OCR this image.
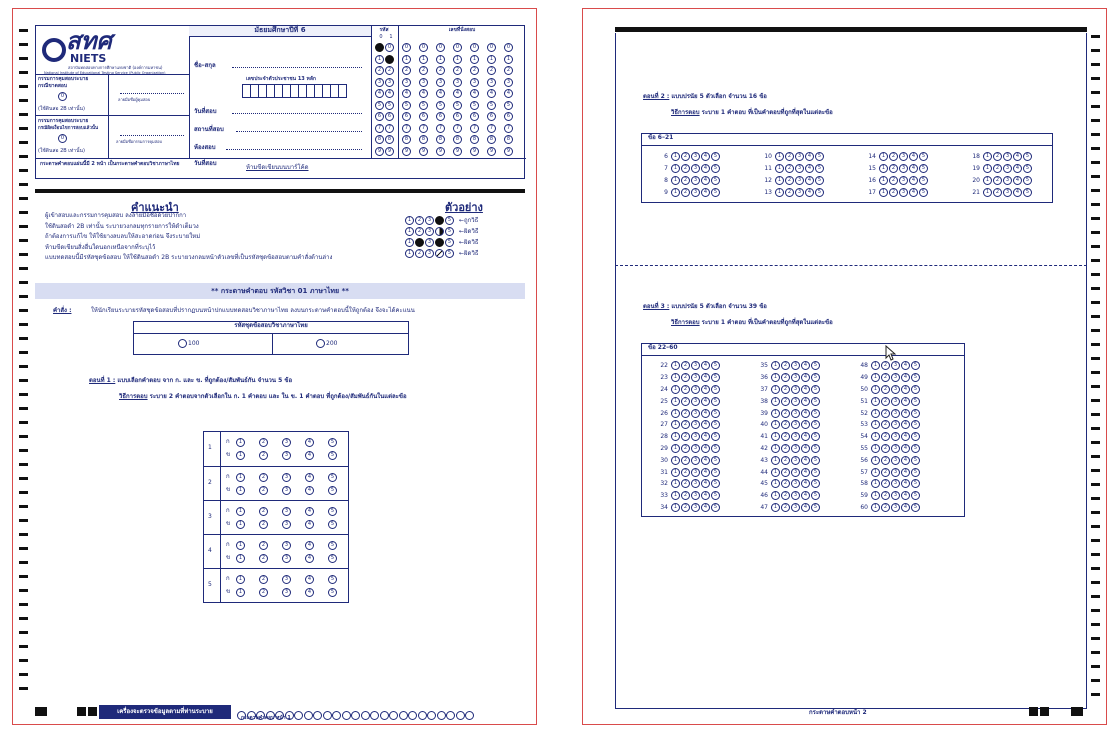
สทศ
NIETS
สถาบันทดสอบทางการศึกษาแห่งชาติ (องค์การมหาชน)
National Institute of Educational Testing Service (Public Organization)
กรรมการคุมสอบระบาย
กรณีขาดสอบ
0
(ใช้ดินสอ 2B เท่านั้น)
ลายมือชื่อผู้คุมสอบ
กรรมการคุมสอบระบาย
กรณีผิดเงื่อนไขการสอบแล้วนั้น
0
(ใช้ดินสอ 2B เท่านั้น)
ลายมือชื่อกรรมการคุมสอบ
กระดาษคำตอบแผ่นนี้มี 2 หน้า เป็นกระดาษคำตอบวิชาภาษาไทย	ห้ามขีดเขียนบนบาร์โค้ด
มัธยมศึกษาปีที่ 6
ชื่อ–สกุล
เลขประจำตัวประชาชน 13 หลัก
วันที่สอบ
สถานที่สอบ
ห้องสอบ
วันที่สอบ
รหัส
0 1
0	0
1	1
2	2
3	3
4	4
5	5
6	6
7	7
8	8
9	9
เลขที่นั่งสอบ
0	0	0	0	0	0	0
1	1	1	1	1	1	1
2	2	2	2	2	2	2
3	3	3	3	3	3	3
4	4	4	4	4	4	4
5	5	5	5	5	5	5
6	6	6	6	6	6	6
7	7	7	7	7	7	7
8	8	8	8	8	8	8
9	9	9	9	9	9	9
คำแนะนำ
ผู้เข้าสอบและกรรมการคุมสอบ ลงลายมือชื่อด้วยปากกา
ใช้ดินสอดำ 2B เท่านั้น ระบายวงกลมทุกรายการให้ดำเต็มวง
ถ้าต้องการแก้ไข ให้ใช้ยางลบลบให้สะอาดก่อน จึงระบายใหม่
ห้ามขีดเขียนสิ่งอื่นใดนอกเหนือจากที่ระบุไว้
แบบทดสอบนี้มีรหัสชุดข้อสอบ ให้ใช้ดินสอดำ 2B ระบายวงกลมหน้าตัวเลขที่เป็นรหัสชุดข้อสอบตามคำสั่งด้านล่าง
ตัวอย่าง
1	2	3	5	← ถูกวิธี
1	2	3	5	← ผิดวิธี
1	3	5	← ผิดวิธี
1	2	3	5	← ผิดวิธี
** กระดาษคำตอบ รหัสวิชา 01 ภาษาไทย **
คำสั่ง :	ให้นักเรียนระบายรหัสชุดข้อสอบที่ปรากฏบนหน้าปกแบบทดสอบวิชาภาษาไทย ลงบนกระดาษคำตอบนี้ให้ถูกต้อง จึงจะได้คะแนน
รหัสชุดข้อสอบวิชาภาษาไทย
100	200
ตอนที่ 1 : แบบเลือกคำตอบ จาก ก. และ ข. ที่ถูกต้อง/สัมพันธ์กัน จำนวน 5 ข้อ
วิธีการตอบ ระบาย 2 คำตอบจากตัวเลือกใน ก. 1 คำตอบ และ ใน ข. 1 คำตอบ ที่ถูกต้อง/สัมพันธ์กันในแต่ละข้อ
1
ก	1	2	3	4	5
ข	1	2	3	4	5
2
ก	1	2	3	4	5
ข	1	2	3	4	5
3
ก	1	2	3	4	5
ข	1	2	3	4	5
4
ก	1	2	3	4	5
ข	1	2	3	4	5
5
ก	1	2	3	4	5
ข	1	2	3	4	5
เครื่องจะตรวจข้อมูลตามที่ท่านระบาย
กระดาษคำตอบ หน้า 1
ตอนที่ 2 : แบบปรนัย 5 ตัวเลือก จำนวน 16 ข้อ
วิธีการตอบ ระบาย 1 คำตอบ ที่เป็นคำตอบที่ถูกที่สุดในแต่ละข้อ
ข้อ 6–21
6	1	2	3	4	5
7	1	2	3	4	5
8	1	2	3	4	5
9	1	2	3	4	5
10	1	2	3	4	5
11	1	2	3	4	5
12	1	2	3	4	5
13	1	2	3	4	5
14	1	2	3	4	5
15	1	2	3	4	5
16	1	2	3	4	5
17	1	2	3	4	5
18	1	2	3	4	5
19	1	2	3	4	5
20	1	2	3	4	5
21	1	2	3	4	5
ตอนที่ 3 : แบบปรนัย 5 ตัวเลือก จำนวน 39 ข้อ
วิธีการตอบ ระบาย 1 คำตอบ ที่เป็นคำตอบที่ถูกที่สุดในแต่ละข้อ
ข้อ 22–60
22	1	2	3	4	5
23	1	2	3	4	5
24	1	2	3	4	5
25	1	2	3	4	5
26	1	2	3	4	5
27	1	2	3	4	5
28	1	2	3	4	5
29	1	2	3	4	5
30	1	2	3	4	5
31	1	2	3	4	5
32	1	2	3	4	5
33	1	2	3	4	5
34	1	2	3	4	5
35	1	2	3	4	5
36	1	2	3	4	5
37	1	2	3	4	5
38	1	2	3	4	5
39	1	2	3	4	5
40	1	2	3	4	5
41	1	2	3	4	5
42	1	2	3	4	5
43	1	2	3	4	5
44	1	2	3	4	5
45	1	2	3	4	5
46	1	2	3	4	5
47	1	2	3	4	5
48	1	2	3	4	5
49	1	2	3	4	5
50	1	2	3	4	5
51	1	2	3	4	5
52	1	2	3	4	5
53	1	2	3	4	5
54	1	2	3	4	5
55	1	2	3	4	5
56	1	2	3	4	5
57	1	2	3	4	5
58	1	2	3	4	5
59	1	2	3	4	5
60	1	2	3	4	5
กระดาษคำตอบหน้า 2
